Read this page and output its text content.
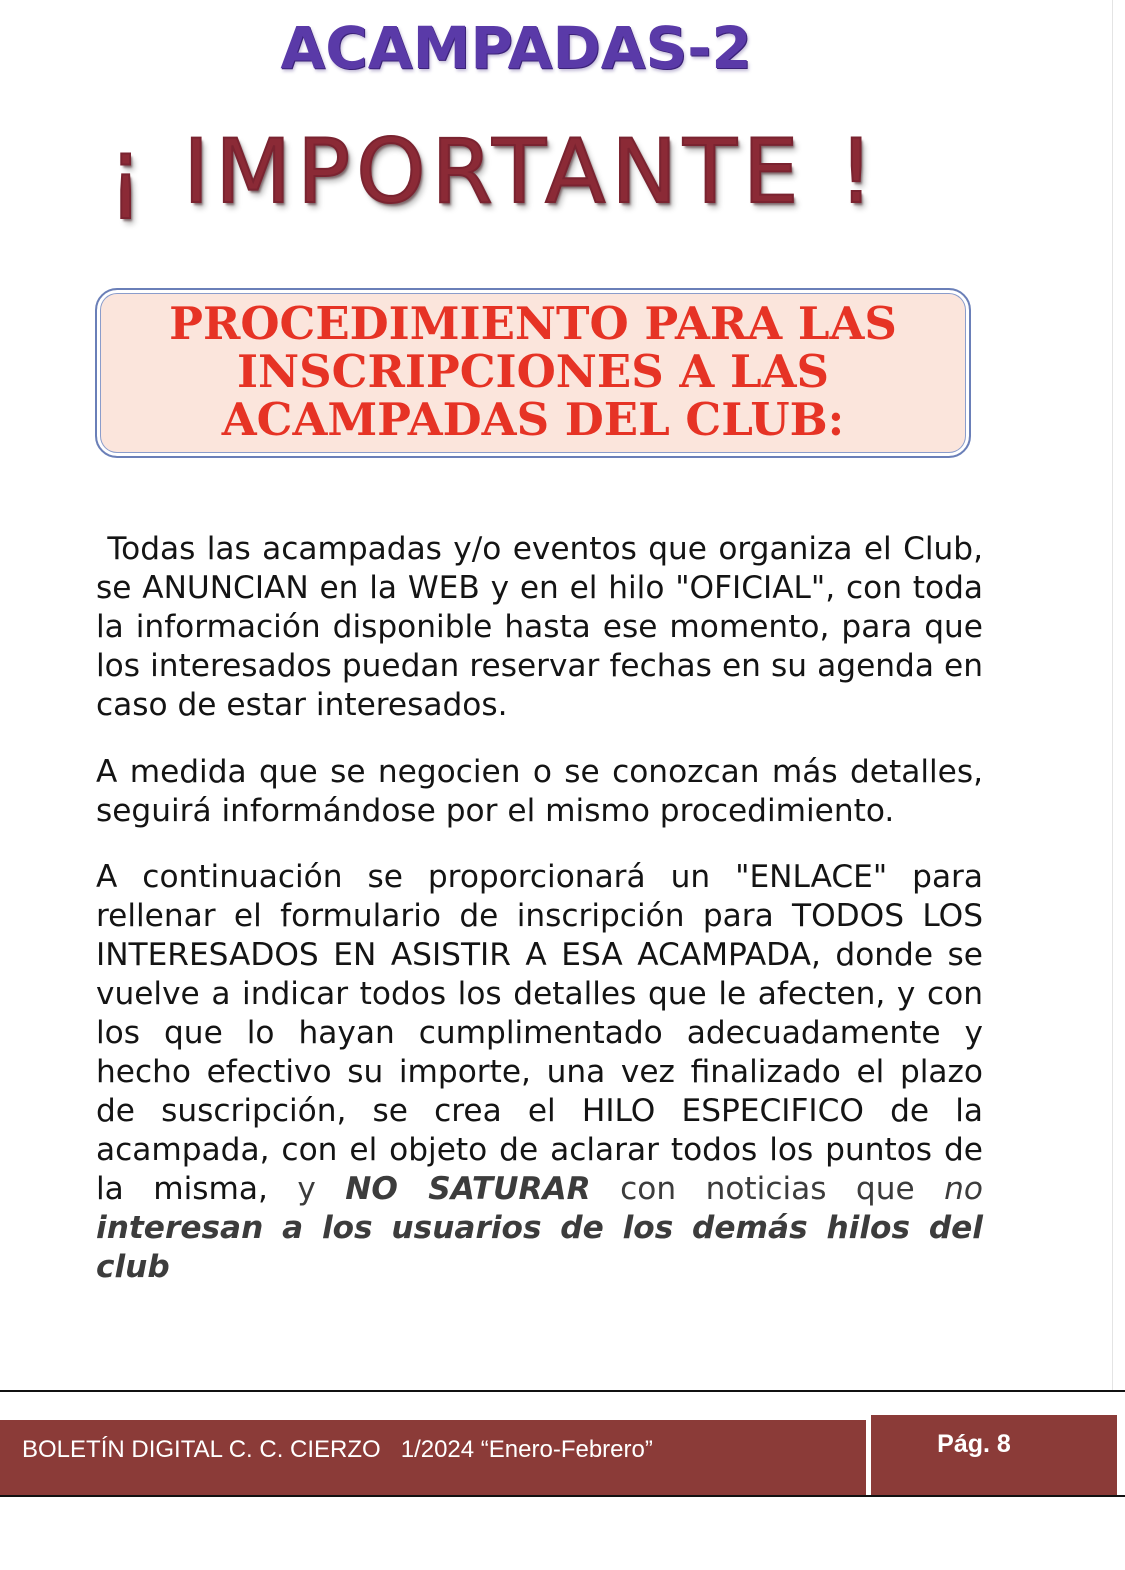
ACAMPADAS-2
¡ IMPORTANTE !
PROCEDIMIENTO PARA LAS
INSCRIPCIONES A LAS
ACAMPADAS DEL CLUB:

Todas las acampadas y/o eventos que organiza el Club, se ANUNCIAN en la WEB y en el hilo "OFICIAL", con toda la información disponible hasta ese momento, para que los interesados puedan reservar fechas en su agenda en caso de estar interesados.

A medida que se negocien o se conozcan más detalles, seguirá informándose por el mismo procedimiento.

A continuación se proporcionará un "ENLACE" para rellenar el formulario de inscripción para TODOS LOS INTERESADOS EN ASISTIR A ESA ACAMPADA, donde se vuelve a indicar todos los detalles que le afecten, y con los que lo hayan cumplimentado adecuadamente y hecho efectivo su importe, una vez finalizado el plazo de suscripción, se crea el HILO ESPECIFICO de la acampada, con el objeto de aclarar todos los puntos de la misma, y NO SATURAR con noticias que no interesan a los usuarios de los demás hilos del club

BOLETÍN DIGITAL C. C. CIERZO   1/2024 “Enero-Febrero”	Pág. 8
